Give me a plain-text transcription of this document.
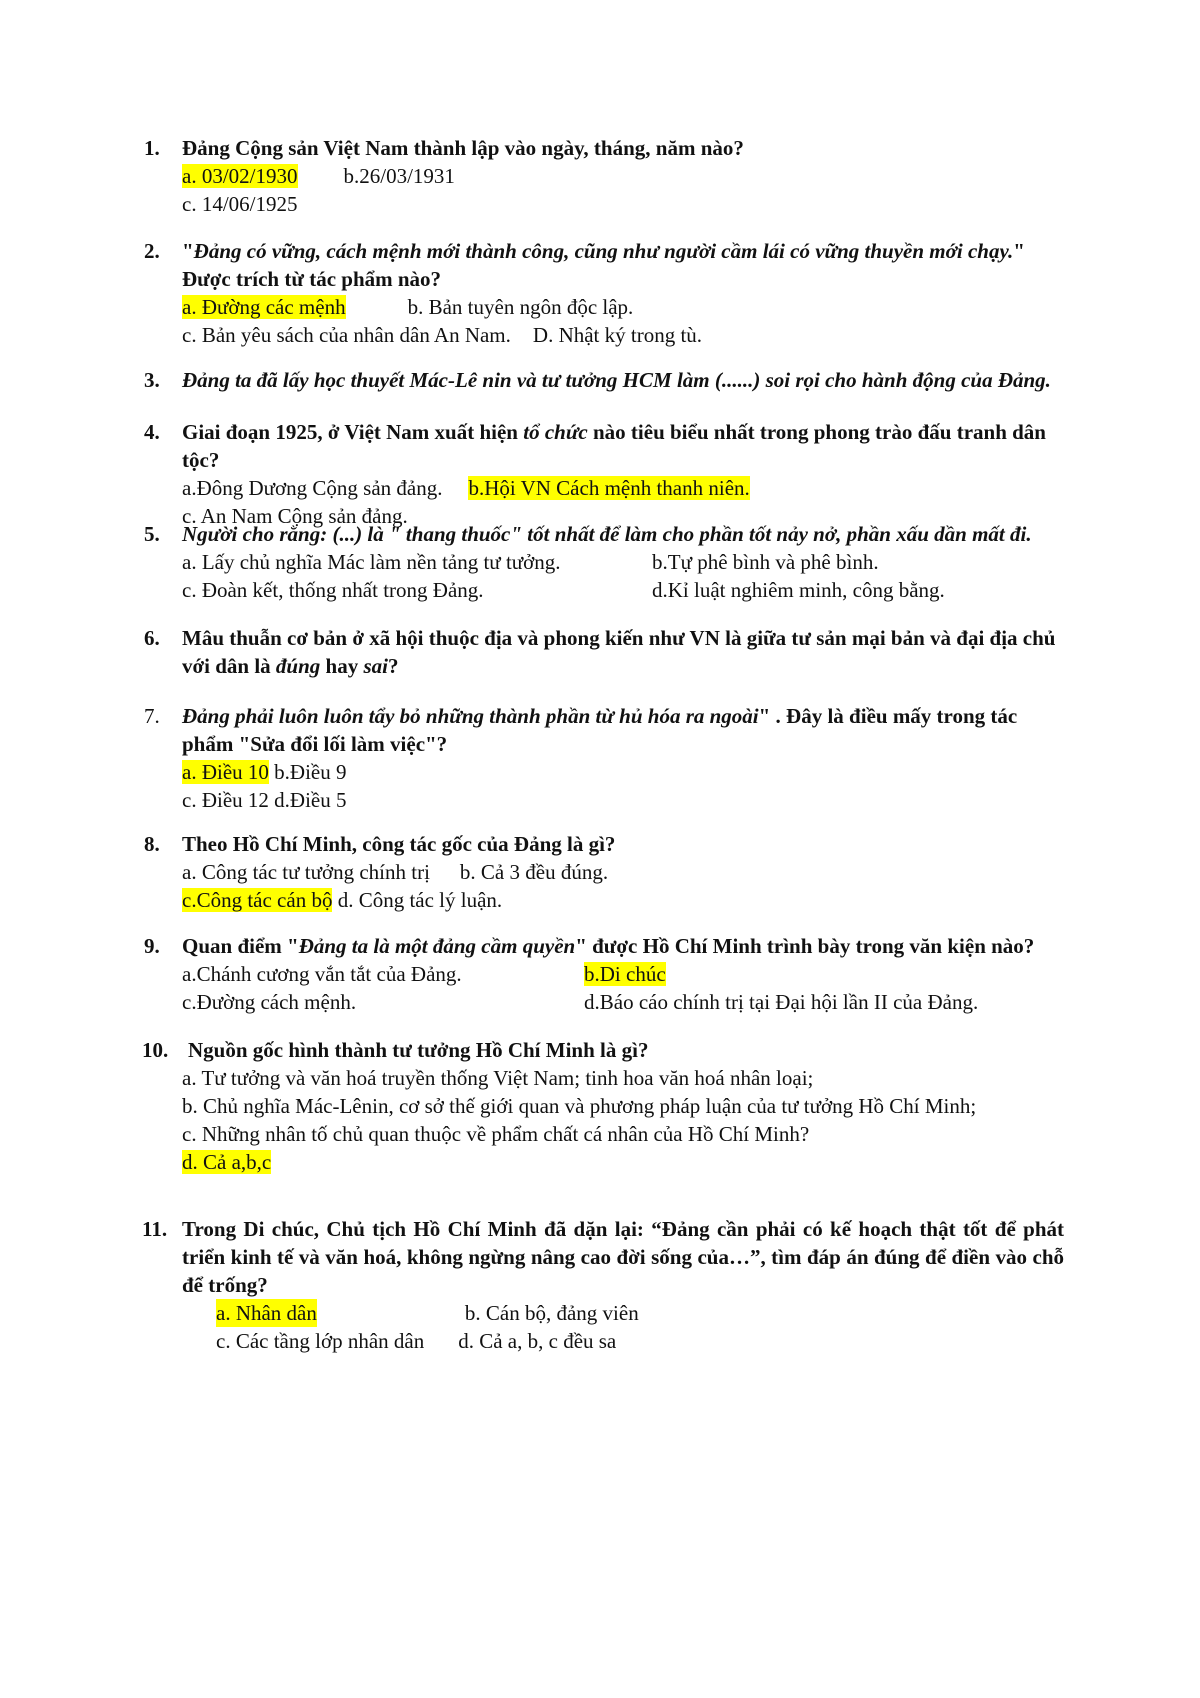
1. Đảng Cộng sản Việt Nam thành lập vào ngày, tháng, năm nào?
a. 03/02/1930 b.26/03/1931
c. 14/06/1925
2. "Đảng có vững, cách mệnh mới thành công, cũng như người cầm lái có vững thuyền mới chạy." Được trích từ tác phẩm nào?
a. Đường các mệnh	b. Bản tuyên ngôn độc lập.
c. Bản yêu sách của nhân dân An Nam. D. Nhật ký trong tù.
3. Đảng ta đã lấy học thuyết Mác-Lê nin và tư tưởng HCM làm (......) soi rọi cho hành động của Đảng.
4. Giai đoạn 1925, ở Việt Nam xuất hiện tổ chức nào tiêu biểu nhất trong phong trào đấu tranh dân tộc?
a.Đông Dương Cộng sản đảng. b.Hội VN Cách mệnh thanh niên.
c. An Nam Cộng sản đảng.
5. Người cho rằng: (...) là " thang thuốc" tốt nhất để làm cho phần tốt nảy nở, phần xấu dần mất đi.
a. Lấy chủ nghĩa Mác làm nền tảng tư tưởng.	b.Tự phê bình và phê bình.
c. Đoàn kết, thống nhất trong Đảng.	d.Kỉ luật nghiêm minh, công bằng.
6. Mâu thuẫn cơ bản ở xã hội thuộc địa và phong kiến như VN là giữa tư sản mại bản và đại địa chủ với dân là đúng hay sai?
7. Đảng phải luôn luôn tẩy bỏ những thành phần từ hủ hóa ra ngoài" . Đây là điều mấy trong tác phẩm "Sửa đổi lối làm việc"?
a. Điều 10 b.Điều 9
c. Điều 12 d.Điều 5
8. Theo Hồ Chí Minh, công tác gốc của Đảng là gì?
a. Công tác tư tưởng chính trị b. Cả 3 đều đúng.
c.Công tác cán bộ d. Công tác lý luận.
9. Quan điểm "Đảng ta là một đảng cầm quyền" được Hồ Chí Minh trình bày trong văn kiện nào?
a.Chánh cương vắn tắt của Đảng.	b.Di chúc
c.Đường cách mệnh.	d.Báo cáo chính trị tại Đại hội lần II của Đảng.
10. Nguồn gốc hình thành tư tưởng Hồ Chí Minh là gì?
a. Tư tưởng và văn hoá truyền thống Việt Nam; tinh hoa văn hoá nhân loại;
b. Chủ nghĩa Mác-Lênin, cơ sở thế giới quan và phương pháp luận của tư tưởng Hồ Chí Minh;
c. Những nhân tố chủ quan thuộc về phẩm chất cá nhân của Hồ Chí Minh?
d. Cả a,b,c
11. Trong Di chúc, Chủ tịch Hồ Chí Minh đã dặn lại: “Đảng cần phải có kế hoạch thật tốt để phát triển kinh tế và văn hoá, không ngừng nâng cao đời sống của…”, tìm đáp án đúng để điền vào chỗ để trống?
a. Nhân dân	b. Cán bộ, đảng viên
c. Các tầng lớp nhân dân d. Cả a, b, c đều sa
